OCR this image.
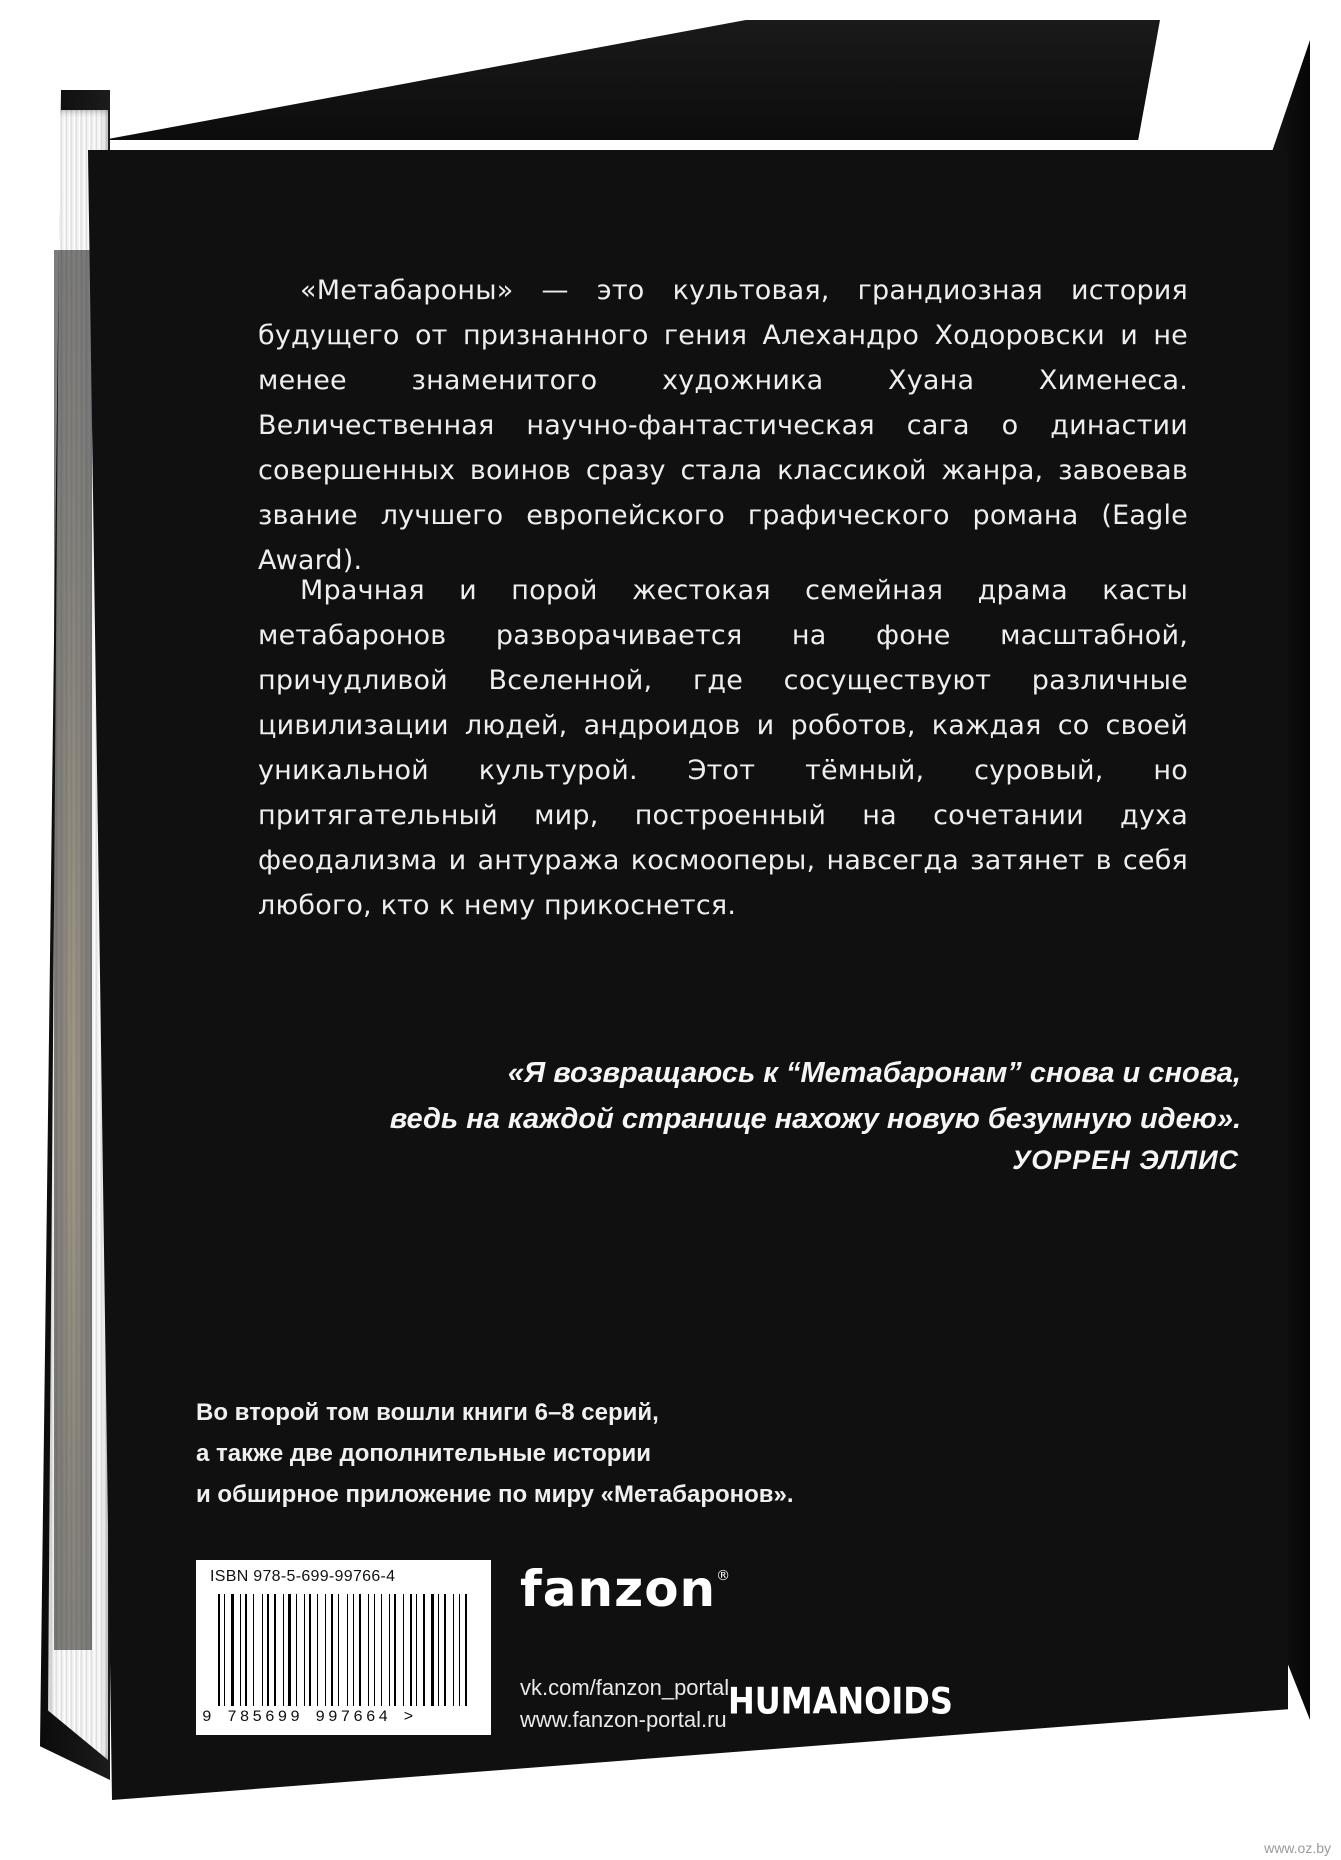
«Метабароны» — это культовая, грандиозная история будущего от признанного гения Алехандро Ходоровски и не менее знаменитого художника Хуана Хименеса. Величественная научно-фантастическая сага о династии совершенных воинов сразу стала классикой жанра, завоевав звание лучшего европейского графического романа (Eagle Award).

Мрачная и порой жестокая семейная драма касты метабаронов разворачивается на фоне масштабной, причудливой Вселенной, где сосуществуют различные цивилизации людей, андроидов и роботов, каждая со своей уникальной культурой. Этот тёмный, суровый, но притягательный мир, построенный на сочетании духа феодализма и антуража космооперы, навсегда затянет в себя любого, кто к нему прикоснется.

«Я возвращаюсь к “Метабаронам” снова и снова,
ведь на каждой странице нахожу новую безумную идею».
УОРРЕН ЭЛЛИС
Во второй том вошли книги 6–8 серий,
а также две дополнительные истории
и обширное приложение по миру «Метабаронов».
ISBN 978-5-699-99766-4
9 785699 997664 >
fanzon®
vk.com/fanzon_portal
www.fanzon-portal.ru HUMANOIDS
www.oz.by
